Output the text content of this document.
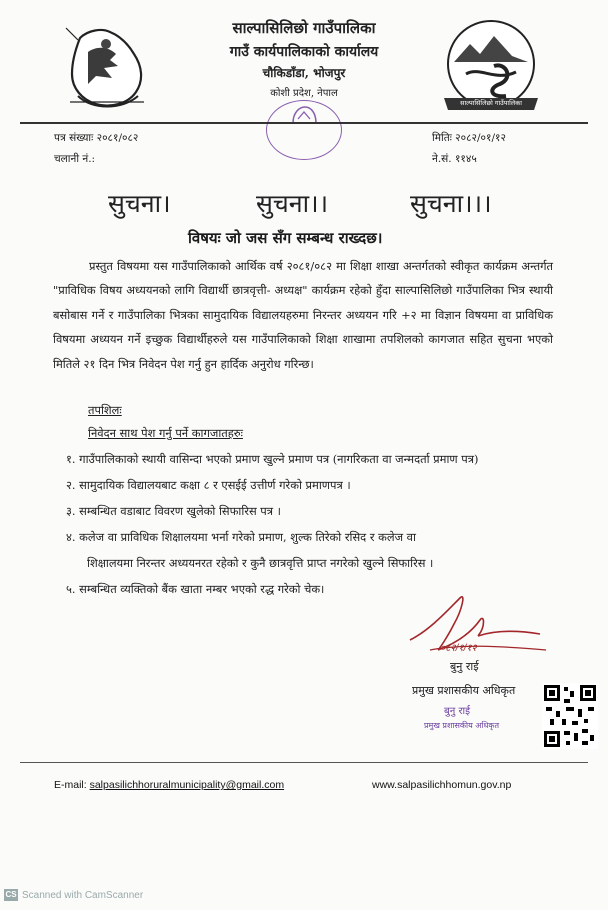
साल्पासिलिछो गाउँपालिका
गाउँ कार्यपालिकाको कार्यालय
चौकिडाँडा, भोजपुर
कोशी प्रदेश, नेपाल
साल्पासिलिछो गाउँपालिका
पत्र संख्याः २०८१/०८२
चलानी नं.:
मितिः २०८२/०१/१२
ने.सं. ११४५
सुचना।	सुचना।।	सुचना।।।
विषयः जो जस सँग सम्बन्ध राख्दछ।
प्रस्तुत विषयमा यस गाउँपालिकाको आर्थिक वर्ष २०८१/०८२ मा शिक्षा शाखा अन्तर्गतको स्वीकृत कार्यक्रम अन्तर्गत "प्राविधिक विषय अध्ययनको लागि विद्यार्थी छात्रवृत्ती- अध्यक्ष" कार्यक्रम रहेको हुँदा साल्पासिलिछो गाउँपालिका भित्र स्थायी बसोबास गर्ने र गाउँपालिका भित्रका सामुदायिक विद्यालयहरुमा निरन्तर अध्ययन गरि +२ मा विज्ञान विषयमा वा प्राविधिक विषयमा अध्ययन गर्ने इच्छुक विद्यार्थीहरुले यस गाउँपालिकाको शिक्षा शाखामा तपशिलको कागजात सहित सुचना भएको मितिले २१ दिन भित्र निवेदन पेश गर्नु हुन हार्दिक अनुरोध गरिन्छ।
तपशिलः
निवेदन साथ पेश गर्नु पर्ने कागजातहरुः
१. गाउँपालिकाको स्थायी वासिन्दा भएको प्रमाण खुल्ने प्रमाण पत्र (नागरिकता वा जन्मदर्ता प्रमाण पत्र)
२. सामुदायिक विद्यालयबाट कक्षा ८ र एसईई उत्तीर्ण गरेको प्रमाणपत्र ।
३. सम्बन्धित वडाबाट विवरण खुलेको सिफारिस पत्र ।
४. कलेज वा प्राविधिक शिक्षालयमा भर्ना गरेको प्रमाण, शुल्क तिरेको रसिद र कलेज वा
शिक्षालयमा निरन्तर अध्ययनरत रहेको र कुनै छात्रवृत्ति प्राप्त नगरेको खुल्ने सिफारिस ।
५. सम्बन्धित व्यक्तिको बैंक खाता नम्बर भएको रद्ध गरेको चेक।
०८२/१/१२
बुनु राई
प्रमुख प्रशासकीय अधिकृत
बुनु राई
प्रमुख प्रशासकीय अधिकृत
E-mail: salpasilichhoruralmunicipality@gmail.com	www.salpasilichhomun.gov.np
CS Scanned with CamScanner
